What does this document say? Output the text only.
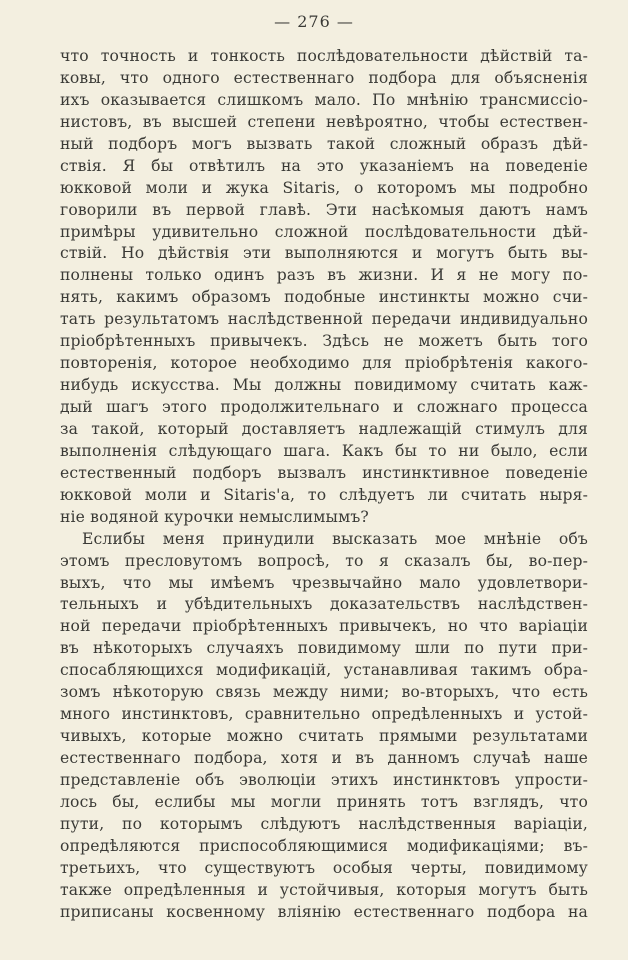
— 276 —
что точность и тонкость послѣдовательности дѣйствій та-
ковы, что одного естественнаго подбора для объясненія
ихъ оказывается слишкомъ мало. По мнѣнію трансмиссіо-
нистовъ, въ высшей степени невѣроятно, чтобы естествен-
ный подборъ могъ вызвать такой сложный образъ дѣй-
ствія. Я бы отвѣтилъ на это указаніемъ на поведеніе
юкковой моли и жука Sitaris, о которомъ мы подробно
говорили въ первой главѣ. Эти насѣкомыя даютъ намъ
примѣры удивительно сложной послѣдовательности дѣй-
ствій. Но дѣйствія эти выполняются и могутъ быть вы-
полнены только одинъ разъ въ жизни. И я не могу по-
нять, какимъ образомъ подобные инстинкты можно счи-
тать результатомъ наслѣдственной передачи индивидуально
пріобрѣтенныхъ привычекъ. Здѣсь не можетъ быть того
повторенія, которое необходимо для пріобрѣтенія какого-
нибудь искусства. Мы должны повидимому считать каж-
дый шагъ этого продолжительнаго и сложнаго процесса
за такой, который доставляетъ надлежащій стимулъ для
выполненія слѣдующаго шага. Какъ бы то ни было, если
естественный подборъ вызвалъ инстинктивное поведеніе
юкковой моли и Sitaris'а, то слѣдуетъ ли считать ныря-
ніе водяной курочки немыслимымъ?
Еслибы меня принудили высказать мое мнѣніе объ
этомъ пресловутомъ вопросѣ, то я сказалъ бы, во-пер-
выхъ, что мы имѣемъ чрезвычайно мало удовлетвори-
тельныхъ и убѣдительныхъ доказательствъ наслѣдствен-
ной передачи пріобрѣтенныхъ привычекъ, но что варіаціи
въ нѣкоторыхъ случаяхъ повидимому шли по пути при-
спосабляющихся модификацій, устанавливая такимъ обра-
зомъ нѣкоторую связь между ними; во-вторыхъ, что есть
много инстинктовъ, сравнительно опредѣленныхъ и устой-
чивыхъ, которые можно считать прямыми результатами
естественнаго подбора, хотя и въ данномъ случаѣ наше
представленіе объ эволюціи этихъ инстинктовъ упрости-
лось бы, еслибы мы могли принять тотъ взглядъ, что
пути, по которымъ слѣдуютъ наслѣдственныя варіаціи,
опредѣляются приспособляющимися модификаціями; въ-
третьихъ, что существуютъ особыя черты, повидимому
также опредѣленныя и устойчивыя, которыя могутъ быть
приписаны косвенному вліянію естественнаго подбора на
